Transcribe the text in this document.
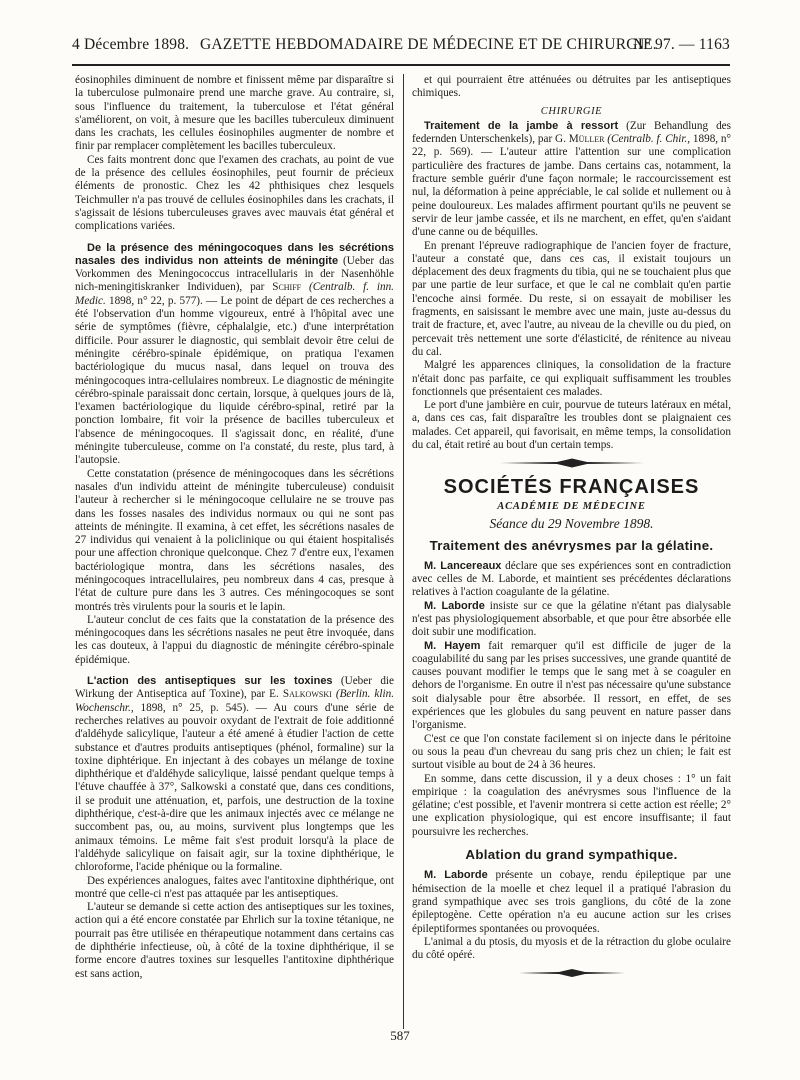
4 Décembre 1898. GAZETTE HEBDOMADAIRE DE MÉDECINE ET DE CHIRURGIE.
N° 97. — 1163

éosinophiles diminuent de nombre et finissent même par disparaître si la tuberculose pulmonaire prend une marche grave. Au contraire, si, sous l'influence du traitement, la tuberculose et l'état général s'améliorent, on voit, à mesure que les bacilles tuberculeux diminuent dans les crachats, les cellules éosinophiles augmenter de nombre et finir par remplacer complètement les bacilles tuberculeux.

Ces faits montrent donc que l'examen des crachats, au point de vue de la présence des cellules éosinophiles, peut fournir de précieux éléments de pronostic. Chez les 42 phthisiques chez lesquels Teichmuller n'a pas trouvé de cellules éosinophiles dans les crachats, il s'agissait de lésions tuberculeuses graves avec mauvais état général et complications variées.

De la présence des méningocoques dans les sécrétions nasales des individus non atteints de méningite (Ueber das Vorkommen des Meningococcus intracellularis in der Nasenhöhle nich-meningitiskranker Individuen), par Schiff (Centralb. f. inn. Medic. 1898, n° 22, p. 577). — Le point de départ de ces recherches a été l'observation d'un homme vigoureux, entré à l'hôpital avec une série de symptômes (fièvre, céphalalgie, etc.) d'une interprétation difficile. Pour assurer le diagnostic, qui semblait devoir être celui de méningite cérébro-spinale épidémique, on pratiqua l'examen bactériologique du mucus nasal, dans lequel on trouva des méningocoques intra-cellulaires nombreux. Le diagnostic de méningite cérébro-spinale paraissait donc certain, lorsque, à quelques jours de là, l'examen bactériologique du liquide cérébro-spinal, retiré par la ponction lombaire, fit voir la présence de bacilles tuberculeux et l'absence de méningocoques. Il s'agissait donc, en réalité, d'une méningite tuberculeuse, comme on l'a constaté, du reste, plus tard, à l'autopsie.

Cette constatation (présence de méningocoques dans les sécrétions nasales d'un individu atteint de méningite tuberculeuse) conduisit l'auteur à rechercher si le méningocoque cellulaire ne se trouve pas dans les fosses nasales des individus normaux ou qui ne sont pas atteints de méningite. Il examina, à cet effet, les sécrétions nasales de 27 individus qui venaient à la policlinique ou qui étaient hospitalisés pour une affection chronique quelconque. Chez 7 d'entre eux, l'examen bactériologique montra, dans les sécrétions nasales, des méningocoques intracellulaires, peu nombreux dans 4 cas, presque à l'état de culture pure dans les 3 autres. Ces méningocoques se sont montrés très virulents pour la souris et le lapin.

L'auteur conclut de ces faits que la constatation de la présence des méningocoques dans les sécrétions nasales ne peut être invoquée, dans les cas douteux, à l'appui du diagnostic de méningite cérébro-spinale épidémique.

L'action des antiseptiques sur les toxines (Ueber die Wirkung der Antiseptica auf Toxine), par E. Salkowski (Berlin. klin. Wochenschr., 1898, n° 25, p. 545). — Au cours d'une série de recherches relatives au pouvoir oxydant de l'extrait de foie additionné d'aldéhyde salicylique, l'auteur a été amené à étudier l'action de cette substance et d'autres produits antiseptiques (phénol, formaline) sur la toxine diphtérique. En injectant à des cobayes un mélange de toxine diphthérique et d'aldéhyde salicylique, laissé pendant quelque temps à l'étuve chauffée à 37°, Salkowski a constaté que, dans ces conditions, il se produit une atténuation, et, parfois, une destruction de la toxine diphthérique, c'est-à-dire que les animaux injectés avec ce mélange ne succombent pas, ou, au moins, survivent plus longtemps que les animaux témoins. Le même fait s'est produit lorsqu'à la place de l'aldéhyde salicylique on faisait agir, sur la toxine diphthérique, le chloroforme, l'acide phénique ou la formaline.

Des expériences analogues, faites avec l'antitoxine diphthérique, ont montré que celle-ci n'est pas attaquée par les antiseptiques.

L'auteur se demande si cette action des antiseptiques sur les toxines, action qui a été encore constatée par Ehrlich sur la toxine tétanique, ne pourrait pas être utilisée en thérapeutique notamment dans certains cas de diphthérie infectieuse, où, à côté de la toxine diphthérique, il se forme encore d'autres toxines sur lesquelles l'antitoxine diphthérique est sans action,

et qui pourraient être atténuées ou détruites par les antiseptiques chimiques.

CHIRURGIE

Traitement de la jambe à ressort (Zur Behandlung des federnden Unterschenkels), par G. Müller (Centralb. f. Chir., 1898, n° 22, p. 569). — L'auteur attire l'attention sur une complication particulière des fractures de jambe. Dans certains cas, notamment, la fracture semble guérir d'une façon normale; le raccourcissement est nul, la déformation à peine appréciable, le cal solide et nullement ou à peine douloureux. Les malades affirment pourtant qu'ils ne peuvent se servir de leur jambe cassée, et ils ne marchent, en effet, qu'en s'aidant d'une canne ou de béquilles.

En prenant l'épreuve radiographique de l'ancien foyer de fracture, l'auteur a constaté que, dans ces cas, il existait toujours un déplacement des deux fragments du tibia, qui ne se touchaient plus que par une partie de leur surface, et que le cal ne comblait qu'en partie l'encoche ainsi formée. Du reste, si on essayait de mobiliser les fragments, en saisissant le membre avec une main, juste au-dessus du trait de fracture, et, avec l'autre, au niveau de la cheville ou du pied, on percevait très nettement une sorte d'élasticité, de rénitence au niveau du cal.

Malgré les apparences cliniques, la consolidation de la fracture n'était donc pas parfaite, ce qui expliquait suffisamment les troubles fonctionnels que présentaient ces malades.

Le port d'une jambière en cuir, pourvue de tuteurs latéraux en métal, a, dans ces cas, fait disparaître les troubles dont se plaignaient ces malades. Cet appareil, qui favorisait, en même temps, la consolidation du cal, était retiré au bout d'un certain temps.

SOCIÉTÉS FRANÇAISES
ACADÉMIE DE MÉDECINE
Séance du 29 Novembre 1898.
Traitement des anévrysmes par la gélatine.

M. Lancereaux déclare que ses expériences sont en contradiction avec celles de M. Laborde, et maintient ses précédentes déclarations relatives à l'action coagulante de la gélatine.

M. Laborde insiste sur ce que la gélatine n'étant pas dialysable n'est pas physiologiquement absorbable, et que pour être absorbée elle doit subir une modification.

M. Hayem fait remarquer qu'il est difficile de juger de la coagulabilité du sang par les prises successives, une grande quantité de causes pouvant modifier le temps que le sang met à se coaguler en dehors de l'organisme. En outre il n'est pas nécessaire qu'une substance soit dialysable pour être absorbée. Il ressort, en effet, de ses expériences que les globules du sang peuvent en nature passer dans l'organisme.

C'est ce que l'on constate facilement si on injecte dans le péritoine ou sous la peau d'un chevreau du sang pris chez un chien; le fait est surtout visible au bout de 24 à 36 heures.

En somme, dans cette discussion, il y a deux choses : 1° un fait empirique : la coagulation des anévrysmes sous l'influence de la gélatine; c'est possible, et l'avenir montrera si cette action est réelle; 2° une explication physiologique, qui est encore insuffisante; il faut poursuivre les recherches.

Ablation du grand sympathique.

M. Laborde présente un cobaye, rendu épileptique par une hémisection de la moelle et chez lequel il a pratiqué l'abrasion du grand sympathique avec ses trois ganglions, du côté de la zone épileptogène. Cette opération n'a eu aucune action sur les crises épileptiformes spontanées ou provoquées.

L'animal a du ptosis, du myosis et de la rétraction du globe oculaire du côté opéré.

587
